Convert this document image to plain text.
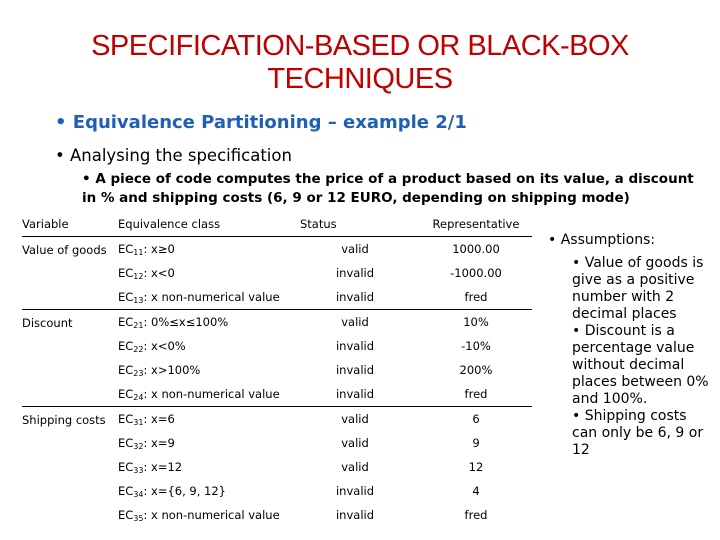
SPECIFICATION-BASED OR BLACK-BOX
TECHNIQUES
• Equivalence Partitioning – example 2/1
• Analysing the specification
• A piece of code computes the price of a product based on its value, a discount in % and shipping costs (6, 9 or 12 EURO, depending on shipping mode)
Variable	Equivalence class	Status	Representative
Value of goods	$EC_{11}$: x≥0	valid	1000.00
	$EC_{12}$: x<0	invalid	-1000.00
	$EC_{13}$: x non-numerical value	invalid	fred
Discount	$EC_{21}$: 0%≤x≤100%	valid	10%
	$EC_{22}$: x<0%	invalid	-10%
	$EC_{23}$: x>100%	invalid	200%
	$EC_{24}$: x non-numerical value	invalid	fred
Shipping costs	$EC_{31}$: x=6	valid	6
	$EC_{32}$: x=9	valid	9
	$EC_{33}$: x=12	valid	12
	$EC_{34}$: x={6, 9, 12}	invalid	4
	$EC_{35}$: x non-numerical value	invalid	fred
• Assumptions:

• Value of goods is give as a positive number with 2 decimal places

• Discount is a percentage value without decimal places between 0% and 100%.

• Shipping costs can only be 6, 9 or 12
